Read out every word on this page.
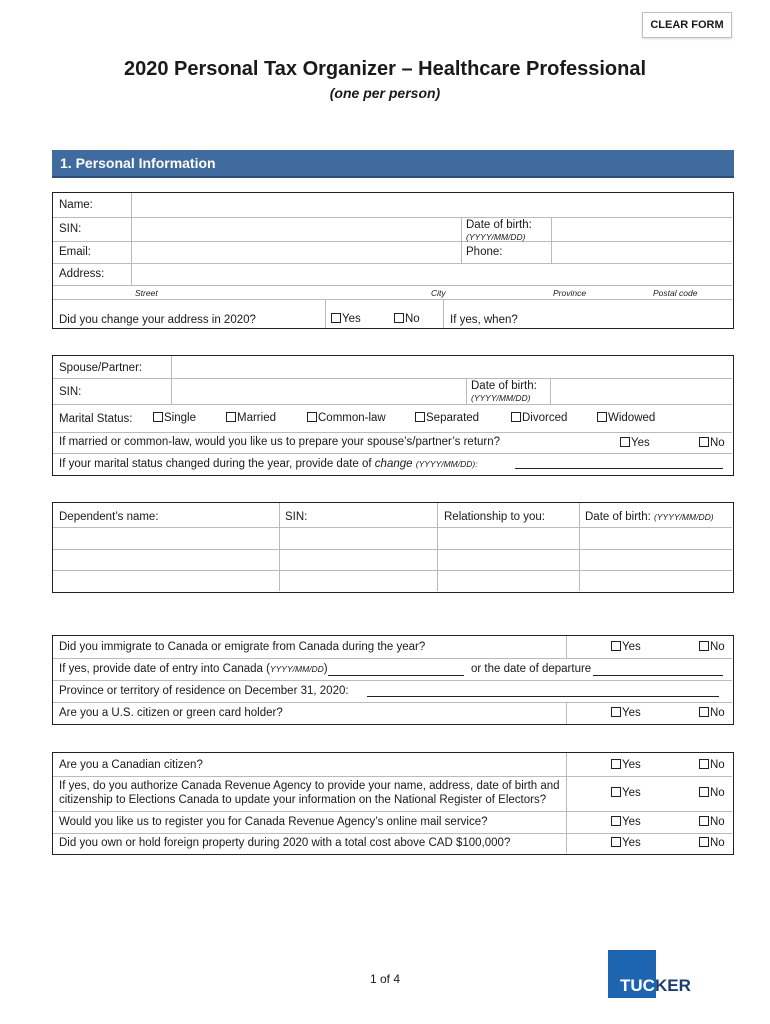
CLEAR FORM
2020 Personal Tax Organizer – Healthcare Professional
(one per person)
1. Personal Information
Name:
SIN:	Date of birth:
(YYYY/MM/DD)
Email:	Phone:
Address:
Street	City	Province	Postal code
Did you change your address in 2020?	Yes	No	If yes, when?
Spouse/Partner:
SIN:	Date of birth:
(YYYY/MM/DD)
Marital Status:	Single	Married	Common-law	Separated	Divorced	Widowed
If married or common-law, would you like us to prepare your spouse’s/partner’s return?	Yes	No
If your marital status changed during the year, provide date of change (YYYY/MM/DD):
Dependent’s name:	SIN:	Relationship to you:	Date of birth: (YYYY/MM/DD)
Did you immigrate to Canada or emigrate from Canada during the year?	Yes	No
If yes, provide date of entry into Canada (YYYY/MM/DD)	or the date of departure
Province or territory of residence on December 31, 2020:
Are you a U.S. citizen or green card holder?	Yes	No
Are you a Canadian citizen?	Yes	No
If yes, do you authorize Canada Revenue Agency to provide your name, address, date of birth and
citizenship to Elections Canada to update your information on the National Register of Electors?
Yes	No
Would you like us to register you for Canada Revenue Agency’s online mail service?	Yes	No
Did you own or hold foreign property during 2020 with a total cost above CAD $100,000?	Yes	No
1 of 4	TUCKER
